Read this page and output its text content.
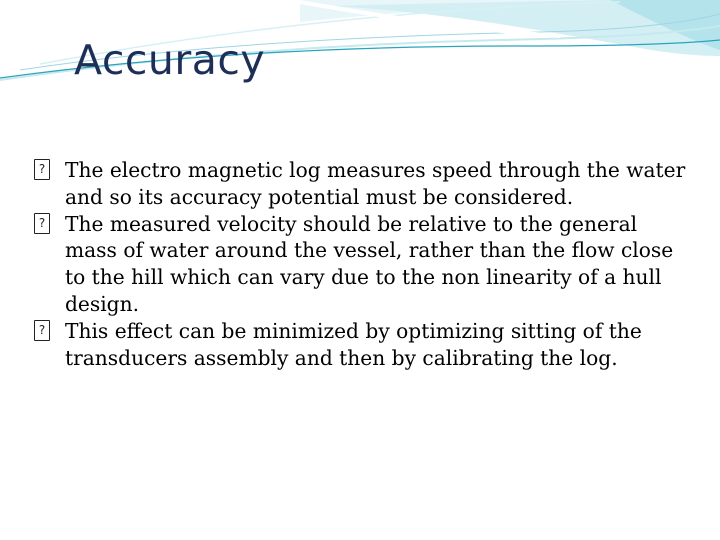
Accuracy
? The electro magnetic log measures speed through the water and so its accuracy potential must be considered.
? The measured velocity should be relative to the general mass of water around the vessel, rather than the flow close to the hill which can vary due to the non linearity of a hull design.
? This effect can be minimized by optimizing sitting of the transducers assembly and then by calibrating the log.
